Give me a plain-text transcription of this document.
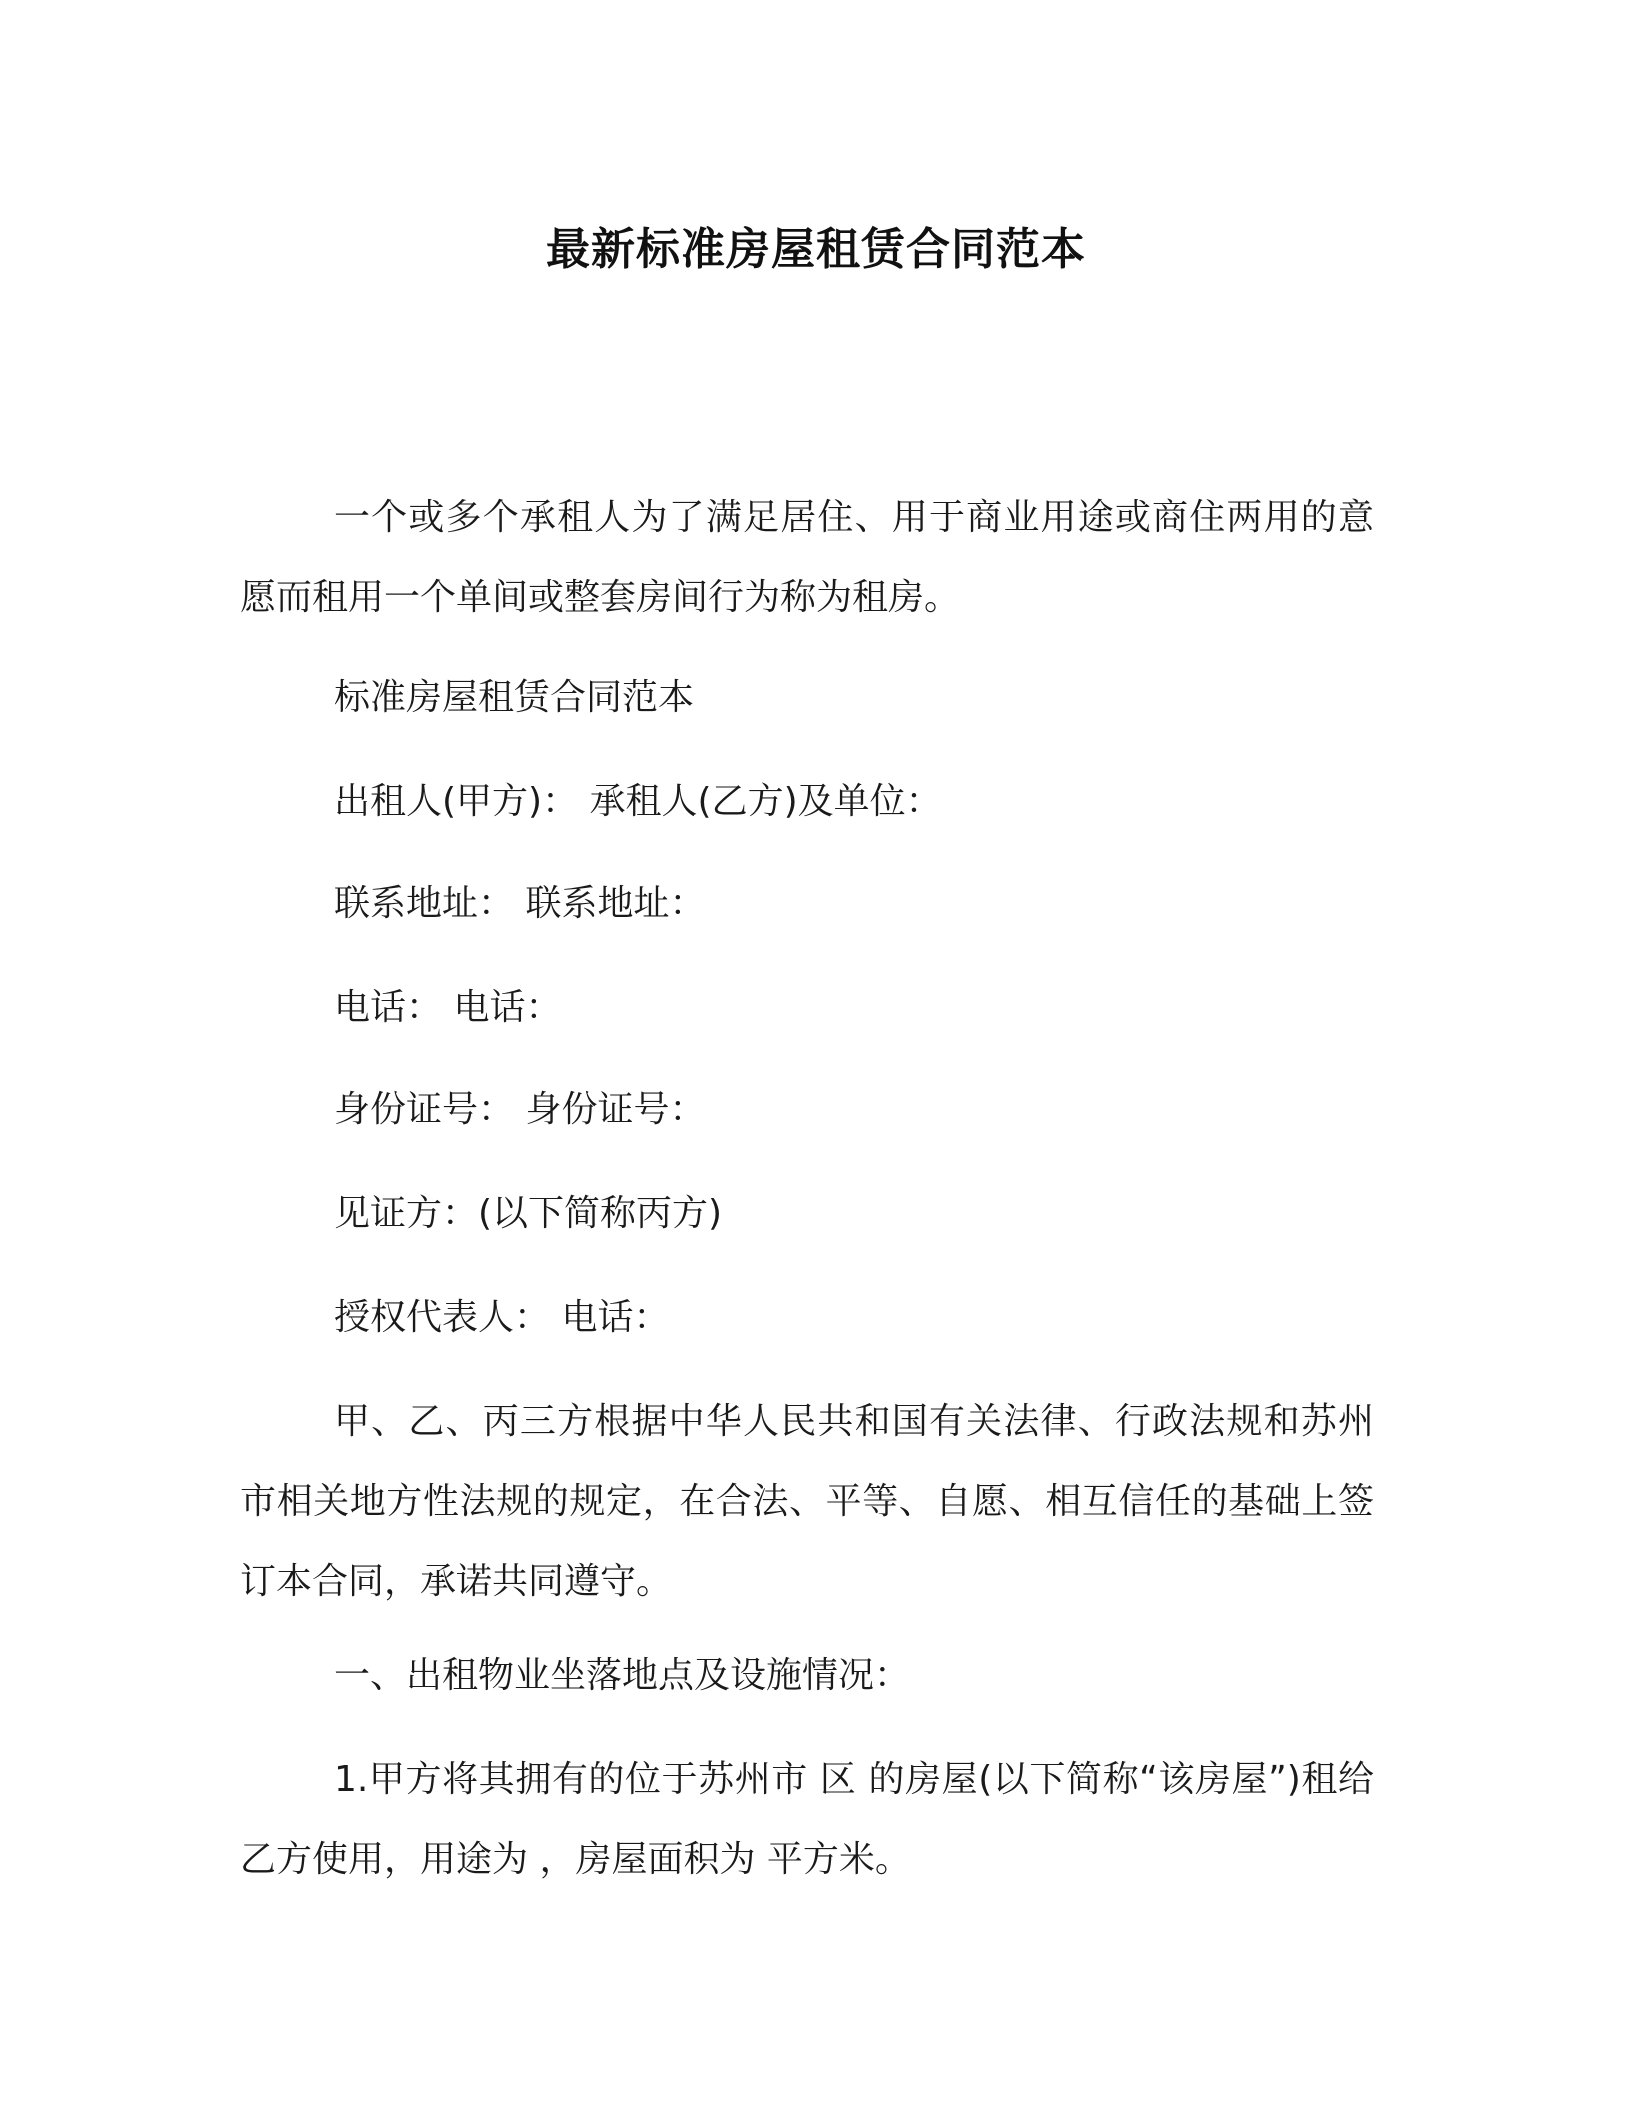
最新标准房屋租赁合同范本

一个或多个承租人为了满足居住、用于商业用途或商住两用的意愿而租用一个单间或整套房间行为称为租房。

标准房屋租赁合同范本

出租人(甲方)： 承租人(乙方)及单位：

联系地址： 联系地址：

电话： 电话：

身份证号： 身份证号：

见证方：(以下简称丙方)

授权代表人： 电话：

甲、乙、丙三方根据中华人民共和国有关法律、行政法规和苏州市相关地方性法规的规定，在合法、平等、自愿、相互信任的基础上签订本合同，承诺共同遵守。

一、出租物业坐落地点及设施情况：

1.甲方将其拥有的位于苏州市 区 的房屋(以下简称“该房屋”)租给乙方使用，用途为 ，房屋面积为 平方米。
